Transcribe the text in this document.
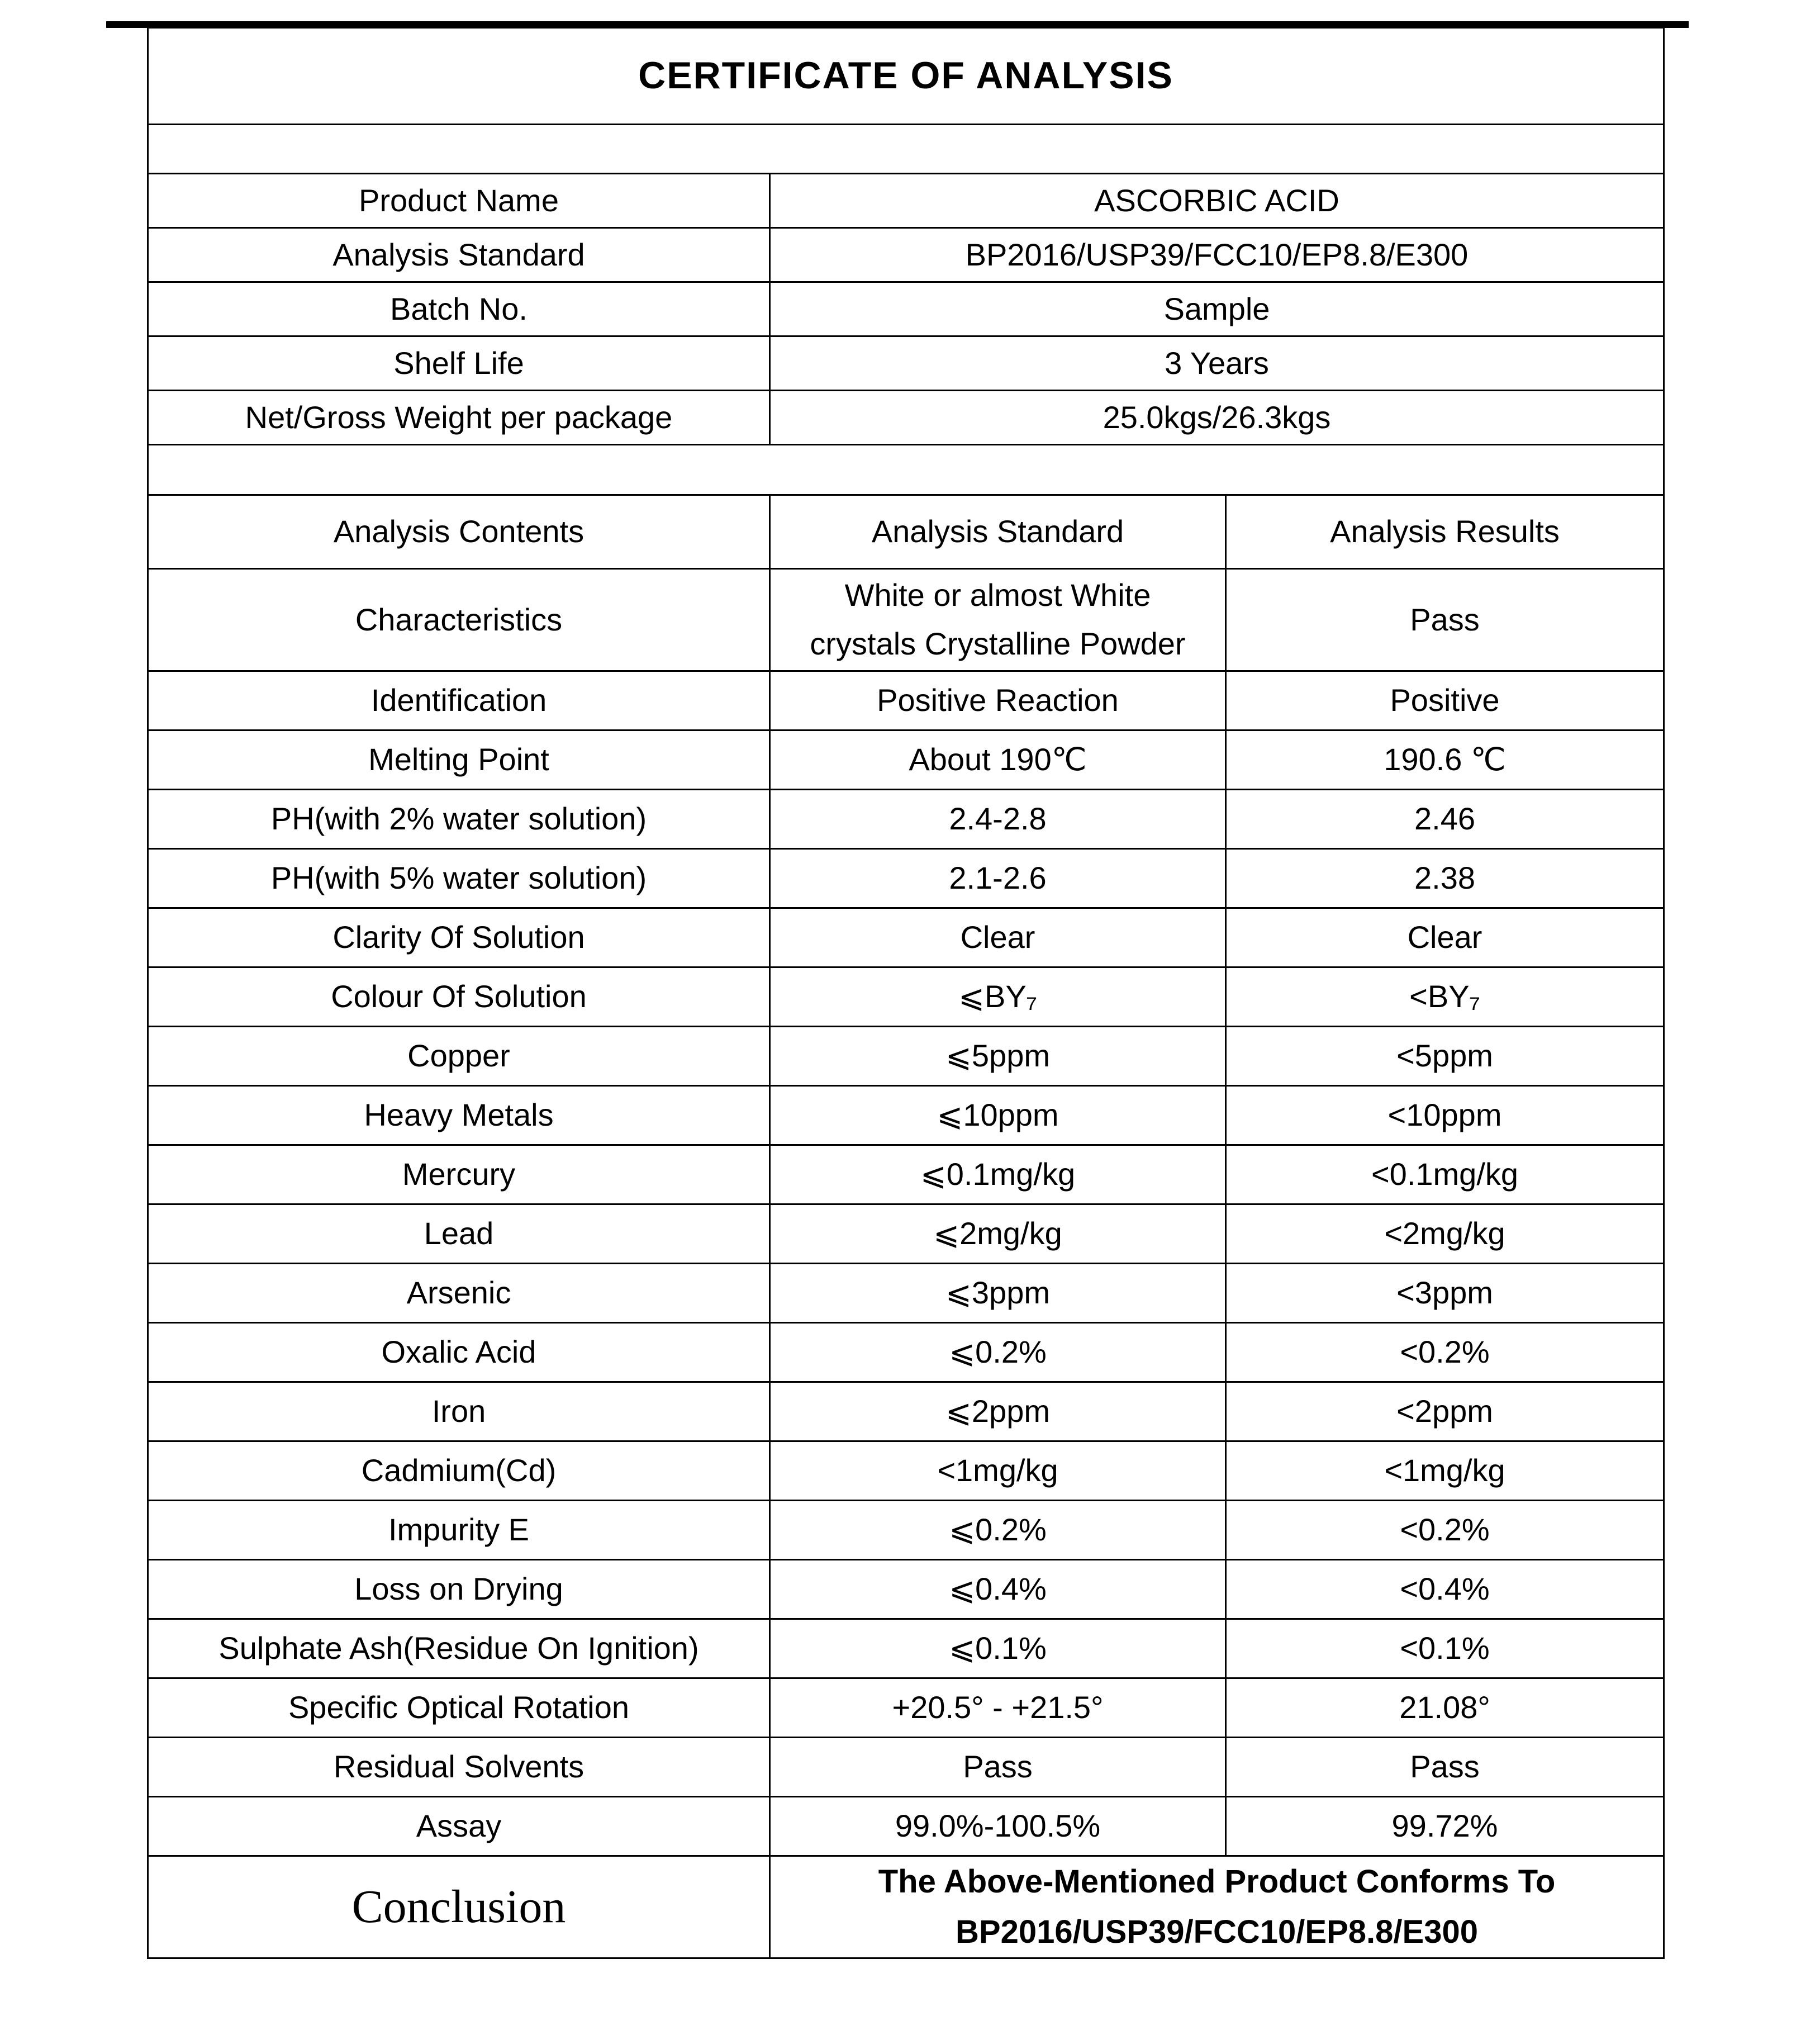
CERTIFICATE OF ANALYSIS		

Product Name	ASCORBIC ACID	
Analysis Standard	BP2016/USP39/FCC10/EP8.8/E300	
Batch No.	Sample	
Shelf Life	3 Years	
Net/Gross Weight per package	25.0kgs/26.3kgs	

Analysis Contents	Analysis Standard	Analysis Results
Characteristics	White or almost White crystals Crystalline Powder	Pass
Identification	Positive Reaction	Positive
Melting Point	About 190℃	190.6 ℃
PH(with 2% water solution)	2.4-2.8	2.46
PH(with 5% water solution)	2.1-2.6	2.38
Clarity Of Solution	Clear	Clear
Colour Of Solution	⩽BY₇	<BY₇
Copper	⩽5ppm	<5ppm
Heavy Metals	⩽10ppm	<10ppm
Mercury	⩽0.1mg/kg	<0.1mg/kg
Lead	⩽2mg/kg	<2mg/kg
Arsenic	⩽3ppm	<3ppm
Oxalic Acid	⩽0.2%	<0.2%
Iron	⩽2ppm	<2ppm
Cadmium(Cd)	<1mg/kg	<1mg/kg
Impurity E	⩽0.2%	<0.2%
Loss on Drying	⩽0.4%	<0.4%
Sulphate Ash(Residue On Ignition)	⩽0.1%	<0.1%
Specific Optical Rotation	+20.5° - +21.5°	21.08°
Residual Solvents	Pass	Pass
Assay	99.0%-100.5%	99.72%
Conclusion	The Above-Mentioned Product Conforms To
BP2016/USP39/FCC10/EP8.8/E300	
